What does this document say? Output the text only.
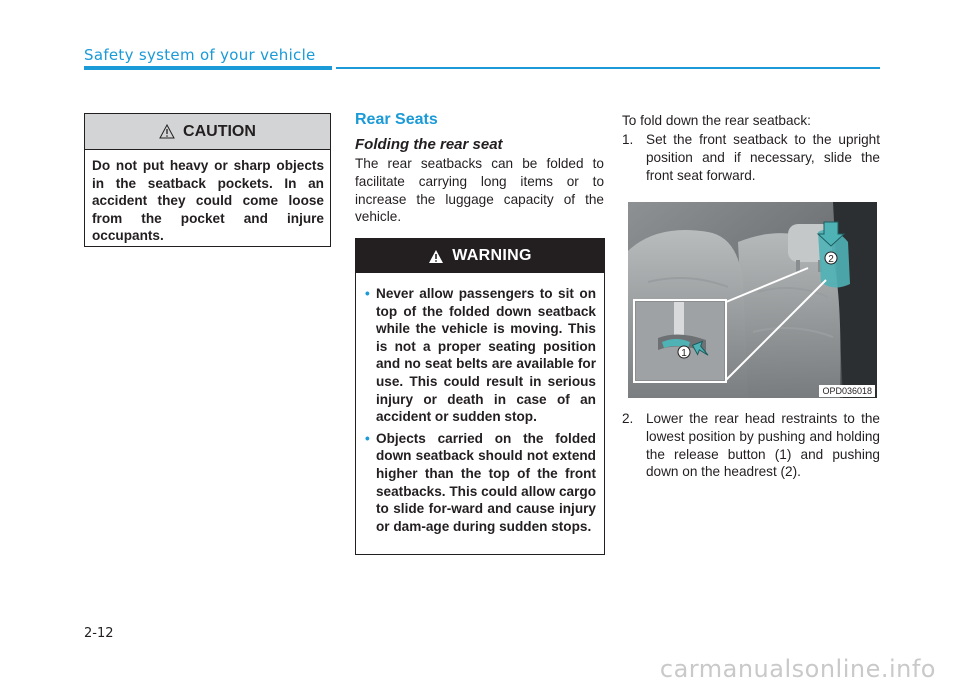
Safety system of your vehicle
CAUTION
Do not put heavy or sharp objects in the seatback pockets. In an accident they could come loose from the pocket and injure occupants.
Rear Seats
Folding the rear seat
The rear seatbacks can be folded to facilitate carrying long items or to increase the luggage capacity of the vehicle.
WARNING
• Never allow passengers to sit on top of the folded down seatback while the vehicle is moving. This is not a proper seating position and no seat belts are available for use. This could result in serious injury or death in case of an accident or sudden stop.
• Objects carried on the folded down seatback should not extend higher than the top of the front seatbacks. This could allow cargo to slide for-ward and cause injury or dam-age during sudden stops.
To fold down the rear seatback:
1. Set the front seatback to the upright position and if necessary, slide the front seat forward.
2
1
OPD036018
2. Lower the rear head restraints to the lowest position by pushing and holding the release button (1) and pushing down on the headrest (2).
2-12
carmanualsonline.info
